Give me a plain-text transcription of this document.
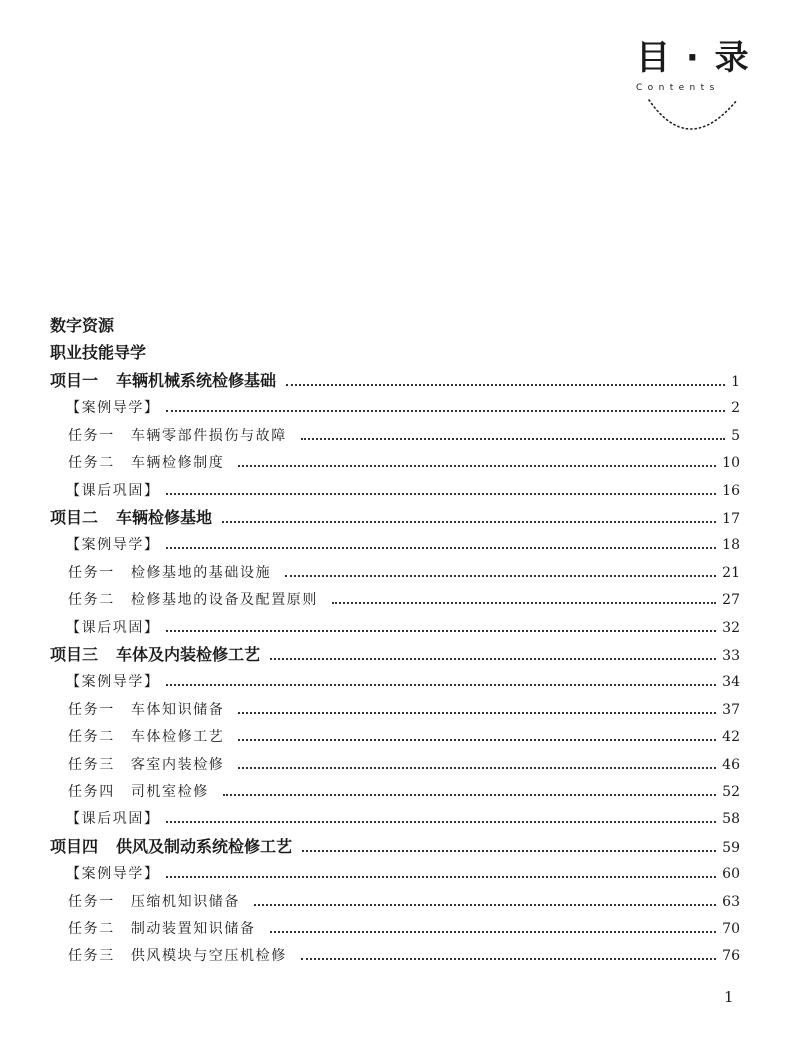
目 · 录
Contents
数字资源
职业技能导学
项目一 车辆机械系统检修基础	1
【案例导学】	2
任务一 车辆零部件损伤与故障	5
任务二 车辆检修制度	10
【课后巩固】	16
项目二 车辆检修基地	17
【案例导学】	18
任务一 检修基地的基础设施	21
任务二 检修基地的设备及配置原则	27
【课后巩固】	32
项目三 车体及内装检修工艺	33
【案例导学】	34
任务一 车体知识储备	37
任务二 车体检修工艺	42
任务三 客室内装检修	46
任务四 司机室检修	52
【课后巩固】	58
项目四 供风及制动系统检修工艺	59
【案例导学】	60
任务一 压缩机知识储备	63
任务二 制动装置知识储备	70
任务三 供风模块与空压机检修	76
1
